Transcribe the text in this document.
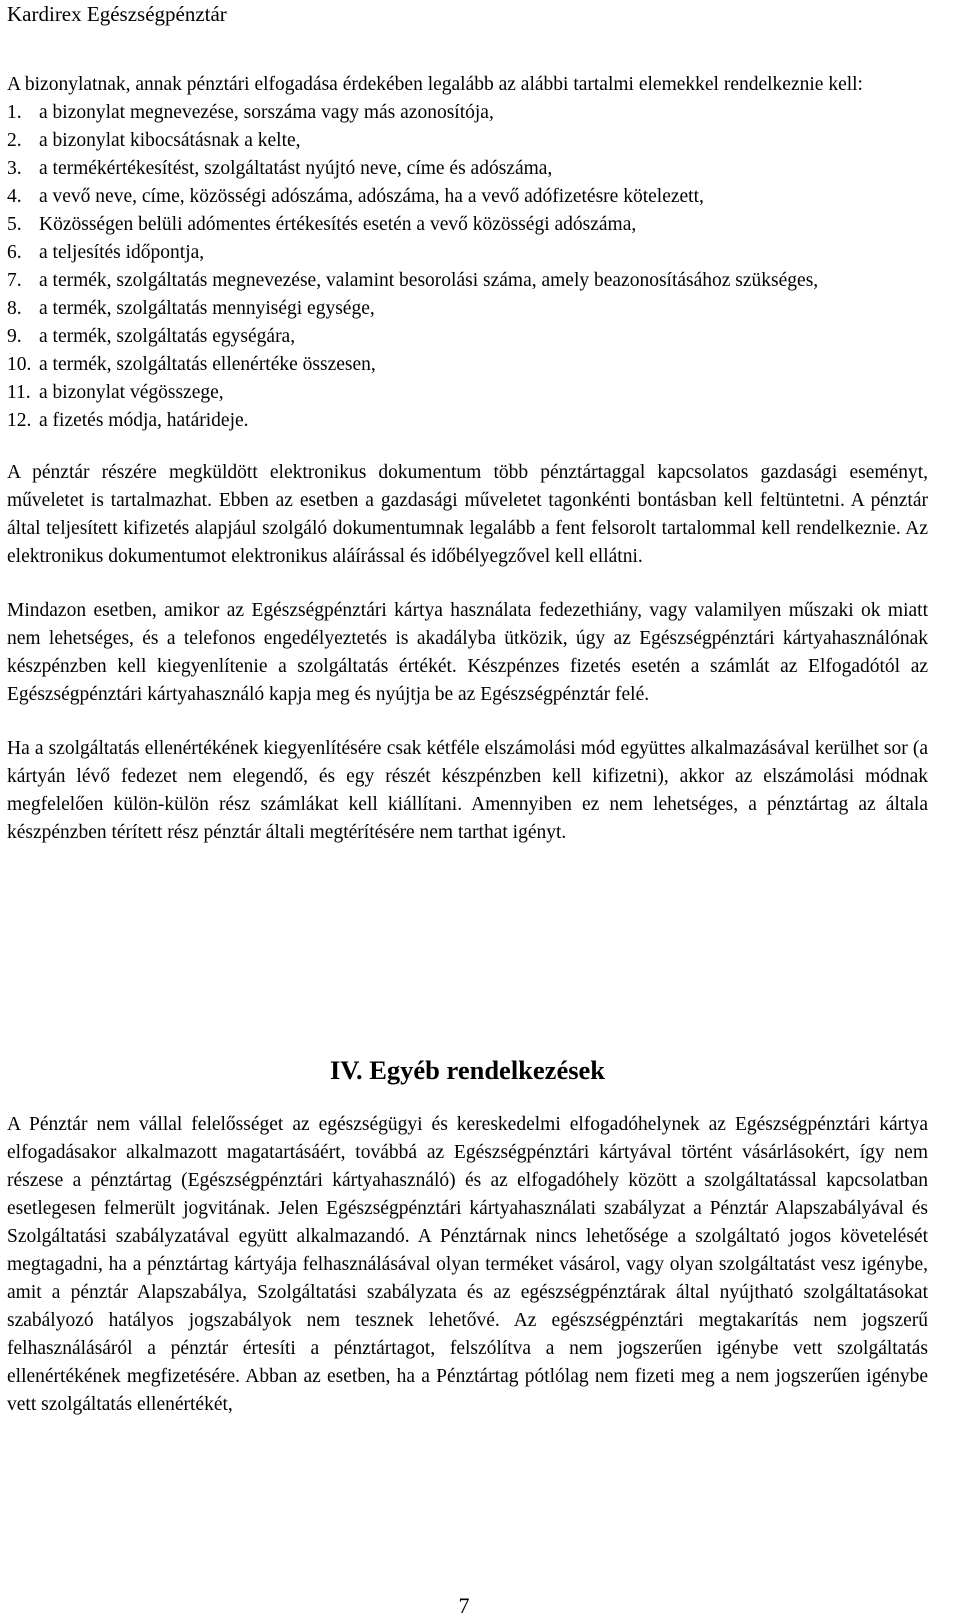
Kardirex Egészségpénztár

A bizonylatnak, annak pénztári elfogadása érdekében legalább az alábbi tartalmi elemekkel rendelkeznie kell:

1. a bizonylat megnevezése, sorszáma vagy más azonosítója,
2. a bizonylat kibocsátásnak a kelte,
3. a termékértékesítést, szolgáltatást nyújtó neve, címe és adószáma,
4. a vevő neve, címe, közösségi adószáma, adószáma, ha a vevő adófizetésre kötelezett,
5. Közösségen belüli adómentes értékesítés esetén a vevő közösségi adószáma,
6. a teljesítés időpontja,
7. a termék, szolgáltatás megnevezése, valamint besorolási száma, amely beazonosításához szükséges,
8. a termék, szolgáltatás mennyiségi egysége,
9. a termék, szolgáltatás egységára,
10. a termék, szolgáltatás ellenértéke összesen,
11. a bizonylat végösszege,
12. a fizetés módja, határideje.

A pénztár részére megküldött elektronikus dokumentum több pénztártaggal kapcsolatos gazdasági eseményt, műveletet is tartalmazhat. Ebben az esetben a gazdasági műveletet tagonkénti bontásban kell feltüntetni. A pénztár által teljesített kifizetés alapjául szolgáló dokumentumnak legalább a fent felsorolt tartalommal kell rendelkeznie. Az elektronikus dokumentumot elektronikus aláírással és időbélyegzővel kell ellátni.

Mindazon esetben, amikor az Egészségpénztári kártya használata fedezethiány, vagy valamilyen műszaki ok miatt nem lehetséges, és a telefonos engedélyeztetés is akadályba ütközik, úgy az Egészségpénztári kártyahasználónak készpénzben kell kiegyenlítenie a szolgáltatás értékét. Készpénzes fizetés esetén a számlát az Elfogadótól az Egészségpénztári kártyahasználó kapja meg és nyújtja be az Egészségpénztár felé.

Ha a szolgáltatás ellenértékének kiegyenlítésére csak kétféle elszámolási mód együttes alkalmazásával kerülhet sor (a kártyán lévő fedezet nem elegendő, és egy részét készpénzben kell kifizetni), akkor az elszámolási módnak megfelelően külön-külön rész számlákat kell kiállítani. Amennyiben ez nem lehetséges, a pénztártag az általa készpénzben térített rész pénztár általi megtérítésére nem tarthat igényt.

IV. Egyéb rendelkezések

A Pénztár nem vállal felelősséget az egészségügyi és kereskedelmi elfogadóhelynek az Egészségpénztári kártya elfogadásakor alkalmazott magatartásáért, továbbá az Egészségpénztári kártyával történt vásárlásokért, így nem részese a pénztártag (Egészségpénztári kártyahasználó) és az elfogadóhely között a szolgáltatással kapcsolatban esetlegesen felmerült jogvitának. Jelen Egészségpénztári kártyahasználati szabályzat a Pénztár Alapszabályával és Szolgáltatási szabályzatával együtt alkalmazandó. A Pénztárnak nincs lehetősége a szolgáltató jogos követelését megtagadni, ha a pénztártag kártyája felhasználásával olyan terméket vásárol, vagy olyan szolgáltatást vesz igénybe, amit a pénztár Alapszabálya, Szolgáltatási szabályzata és az egészségpénztárak által nyújtható szolgáltatásokat szabályozó hatályos jogszabályok nem tesznek lehetővé. Az egészségpénztári megtakarítás nem jogszerű felhasználásáról a pénztár értesíti a pénztártagot, felszólítva a nem jogszerűen igénybe vett szolgáltatás ellenértékének megfizetésére. Abban az esetben, ha a Pénztártag pótlólag nem fizeti meg a nem jogszerűen igénybe vett szolgáltatás ellenértékét,

7
